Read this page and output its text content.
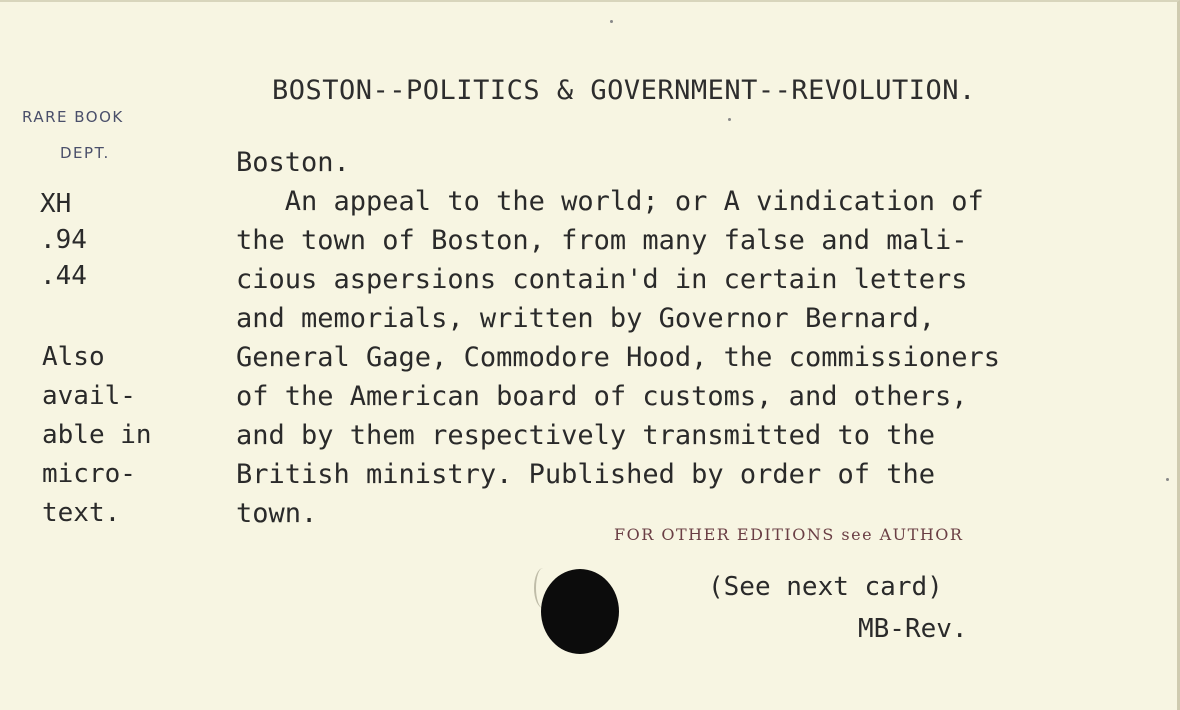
BOSTON--POLITICS & GOVERNMENT--REVOLUTION.
RARE BOOK
DEPT.
XH
.94
.44
Also
avail-
able in
micro-
text.
Boston.
An appeal to the world; or A vindication of
the town of Boston, from many false and mali-
cious aspersions contain'd in certain letters
and memorials, written by Governor Bernard,
General Gage, Commodore Hood, the commissioners
of the American board of customs, and others,
and by them respectively transmitted to the
British ministry. Published by order of the
town.
FOR OTHER EDITIONS see AUTHOR
(See next card)
MB-Rev.
